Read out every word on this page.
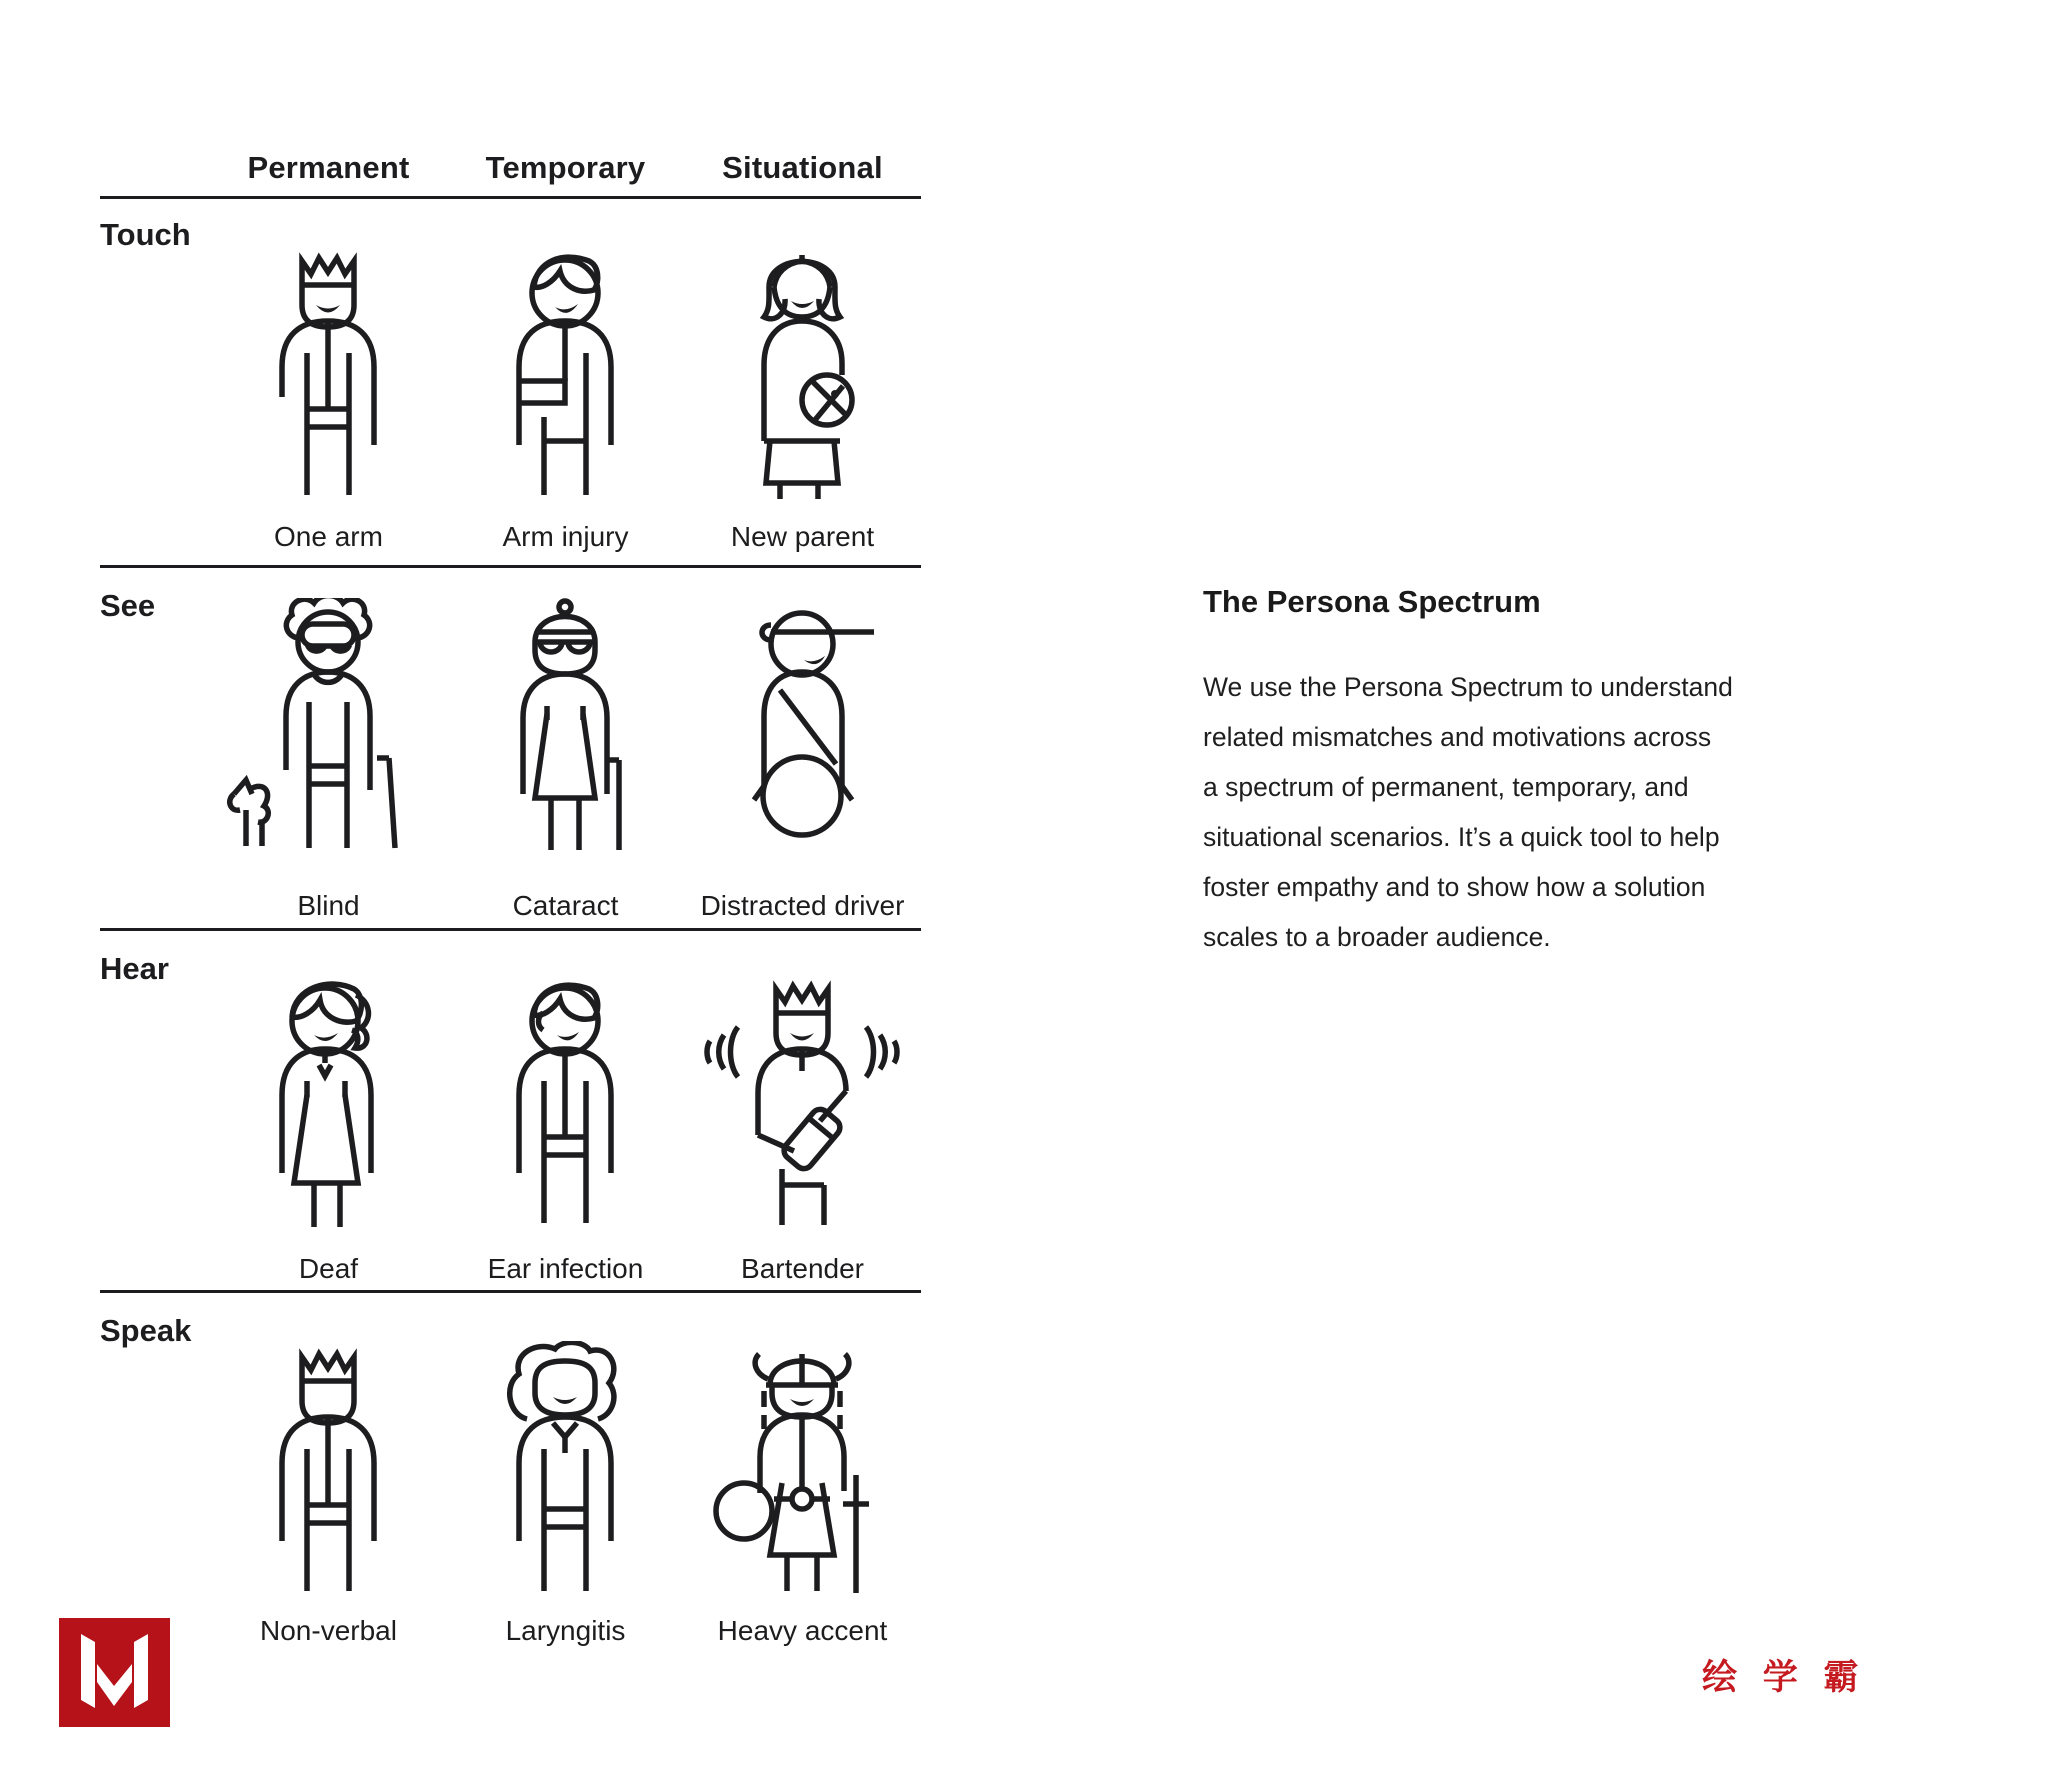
Permanent	Temporary	Situational
Touch
One arm	Arm injury	New parent
See
Blind	Cataract	Distracted driver
Hear
Deaf	Ear infection	Bartender
Speak
Non-verbal	Laryngitis	Heavy accent
The Persona Spectrum
We use the Persona Spectrum to understand
related mismatches and motivations across
a spectrum of permanent, temporary, and
situational scenarios. It’s a quick tool to help
foster empathy and to show how a solution
scales to a broader audience.
绘 学 霸
